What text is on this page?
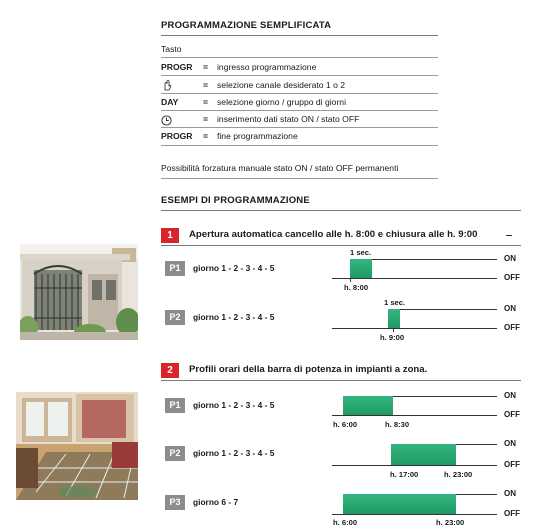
PROGRAMMAZIONE SEMPLIFICATA
Tasto
PROGR = ingresso programmazione
= selezione canale desiderato 1 o 2
DAY	= selezione giorno / gruppo di giorni
= inserimento dati stato ON / stato OFF
PROGR = fine programmazione
Possibilità forzatura manuale stato ON / stato OFF permanenti
ESEMPI DI PROGRAMMAZIONE
1	Apertura automatica cancello alle h. 8:00 e chiusura alle h. 9:00
P1	giorno 1 - 2 - 3 - 4 - 5
ON
OFF
1 sec.
h. 8:00
P2	giorno 1 - 2 - 3 - 4 - 5
ON
OFF
1 sec.
h. 9:00
2	Profili orari della barra di potenza in impianti a zona.
P1	giorno 1 - 2 - 3 - 4 - 5
ON
OFF
h. 6:00	h. 8:30
P2	giorno 1 - 2 - 3 - 4 - 5
ON
OFF
h. 17:00	h. 23:00
P3	giorno 6 - 7
ON
OFF
h. 6:00	h. 23:00
